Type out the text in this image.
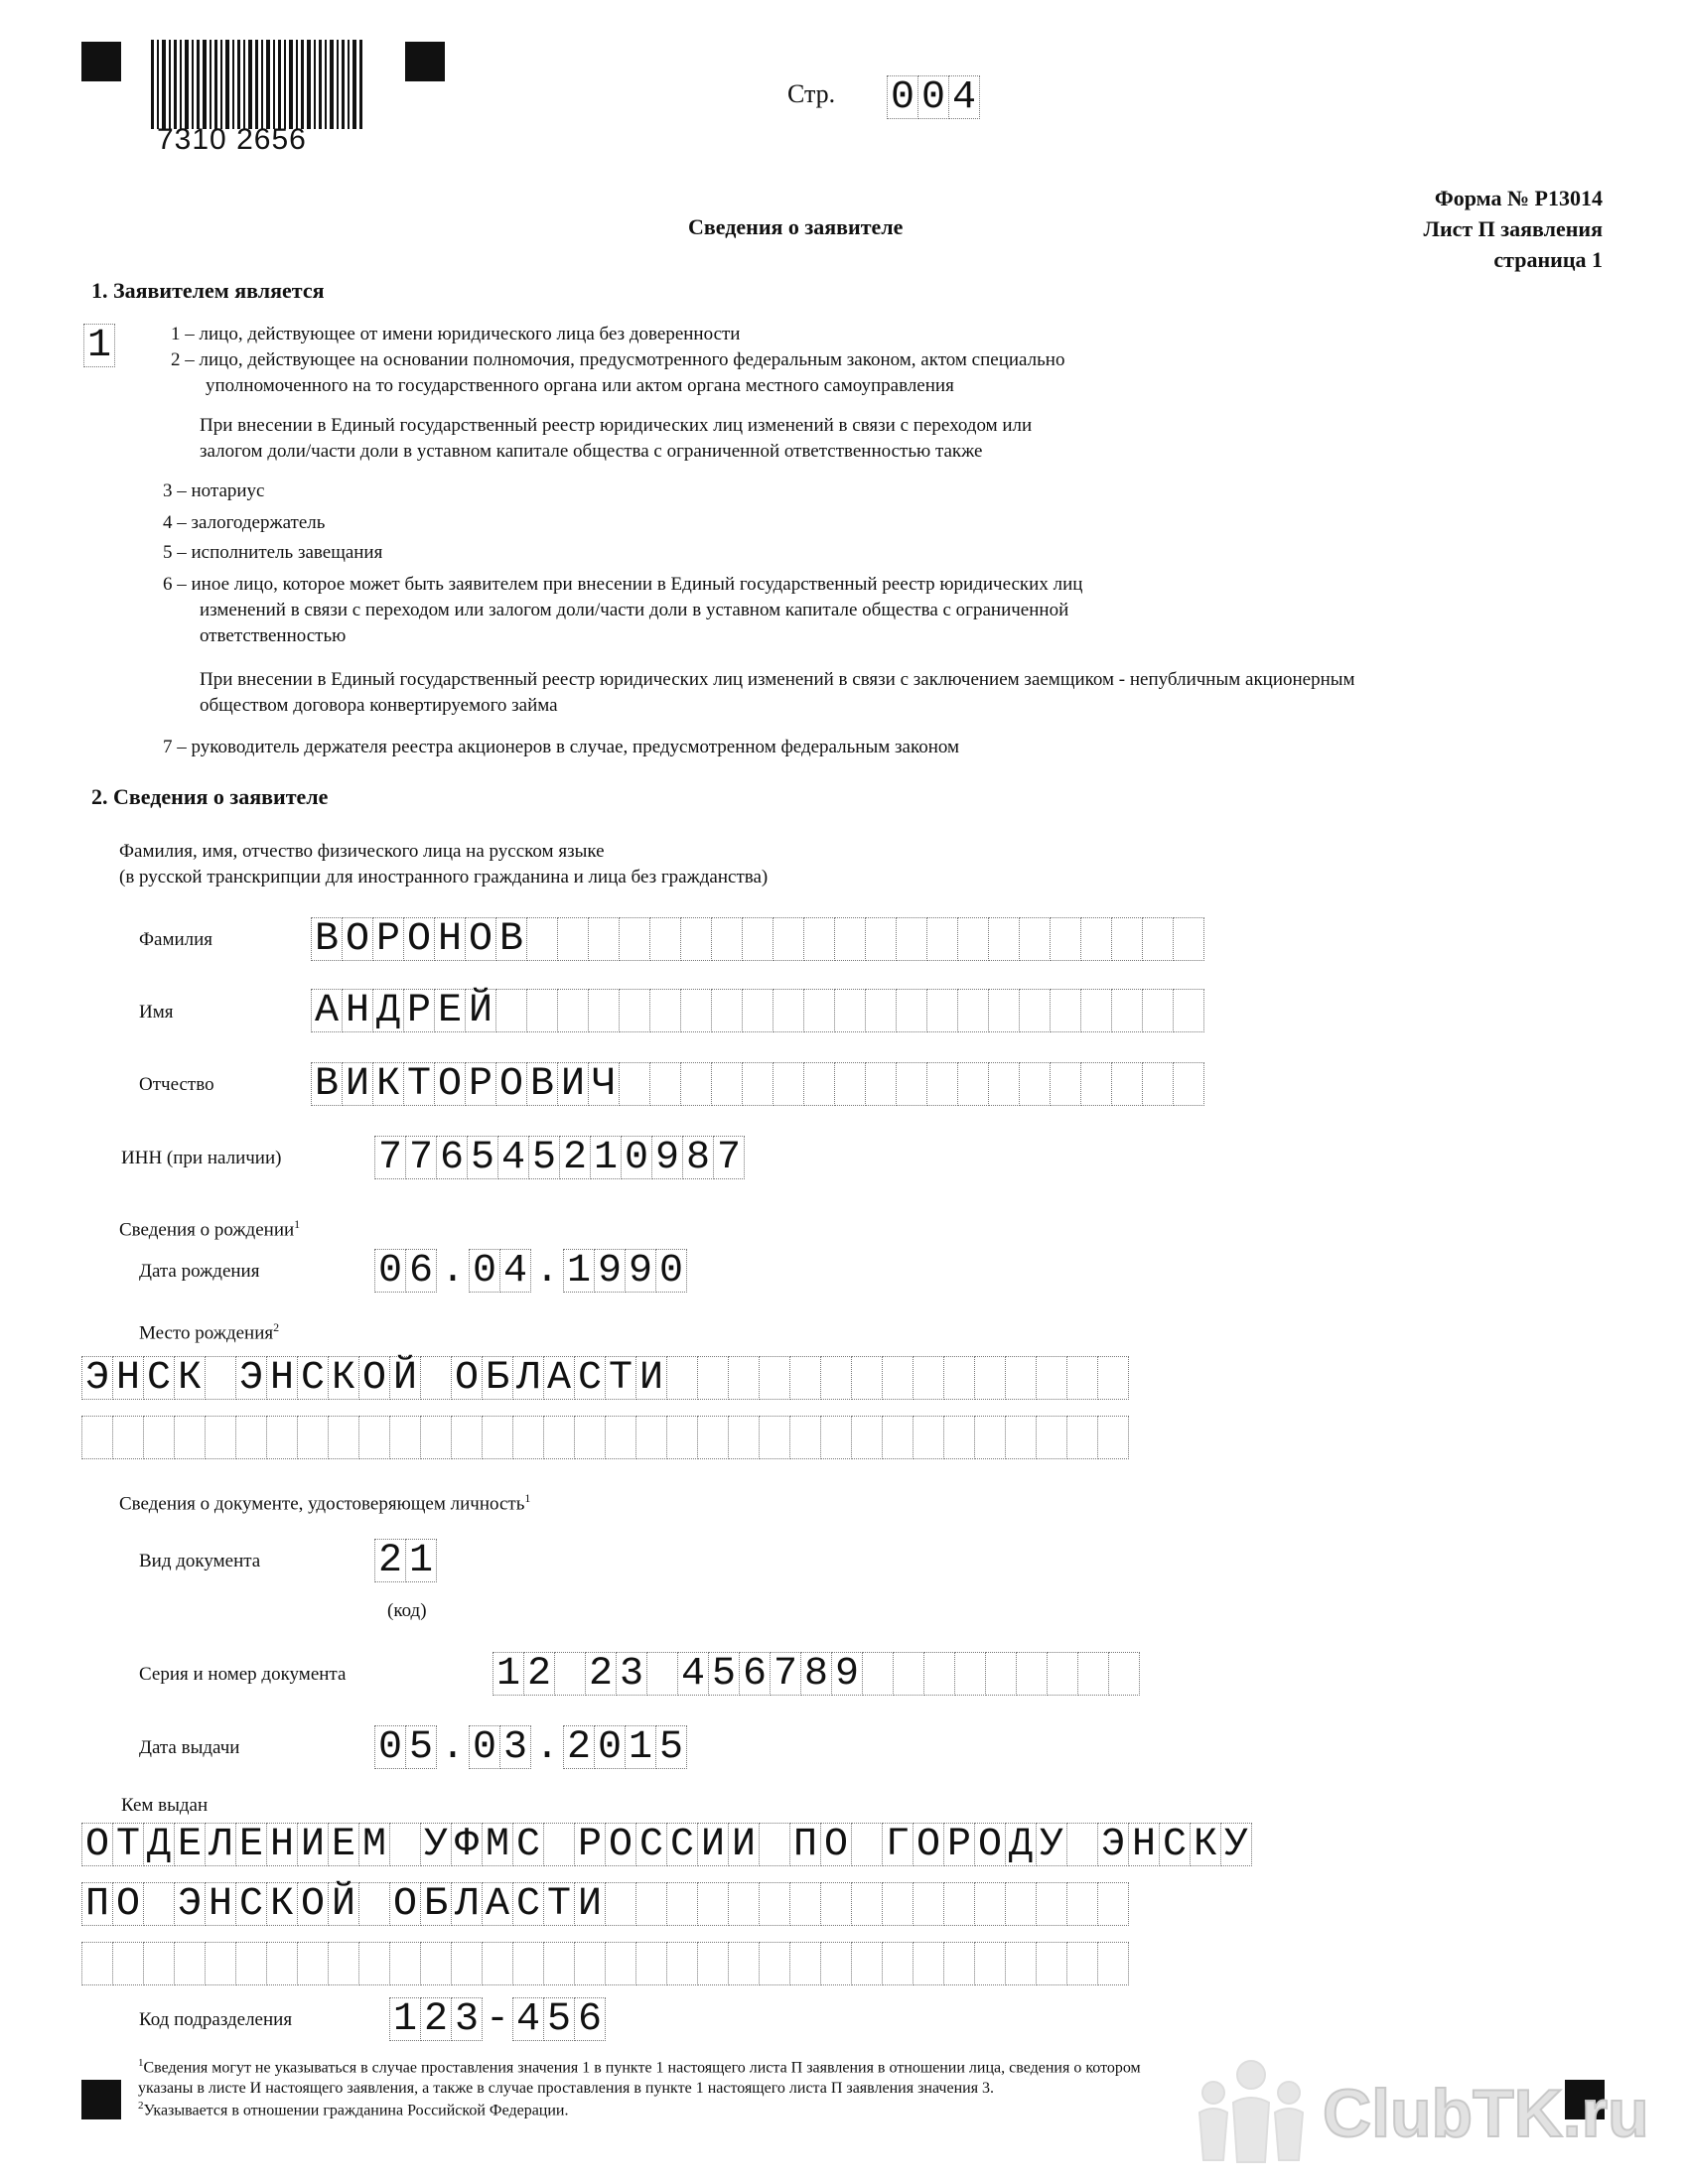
7310 2656
Стр. 0 0 4
Форма № Р13014
Лист П заявления
страница 1
Сведения о заявителе
1. Заявителем является
1	1 – лицо, действующее от имени юридического лица без доверенности
2 – лицо, действующее на основании полномочия, предусмотренного федеральным законом, актом специально
уполномоченного на то государственного органа или актом органа местного самоуправления
При внесении в Единый государственный реестр юридических лиц изменений в связи с переходом или
залогом доли/части доли в уставном капитале общества с ограниченной ответственностью также
3 – нотариус
4 – залогодержатель
5 – исполнитель завещания
6 – иное лицо, которое может быть заявителем при внесении в Единый государственный реестр юридических лиц
изменений в связи с переходом или залогом доли/части доли в уставном капитале общества с ограниченной
ответственностью
При внесении в Единый государственный реестр юридических лиц изменений в связи с заключением заемщиком - непубличным акционерным
обществом договора конвертируемого займа
7 – руководитель держателя реестра акционеров в случае, предусмотренном федеральным законом
2. Сведения о заявителе
Фамилия, имя, отчество физического лица на русском языке
(в русской транскрипции для иностранного гражданина и лица без гражданства)
Фамилия	В О Р О Н О В
Имя	А Н Д Р Е Й
Отчество	В И К Т О Р О В И Ч
ИНН (при наличии) 7 7 6 5 4 5 2 1 0 9 8 7
Сведения о рождении$^1$
Дата рождения	0 6 . 0 4 . 1 9 9 0
Место рождения$^2$
Э Н С К Э Н С К О Й О Б Л А С Т И
Сведения о документе, удостоверяющем личность$^1$
Вид документа	2 1
(код)
Серия и номер документа	1 2 2 3 4 5 6 7 8 9
Дата выдачи	0 5 . 0 3 . 2 0 1 5
Кем выдан
О Т Д Е Л Е Н И Е М У Ф М С Р О С С И И П О Г О Р О Д У Э Н С К У
П О Э Н С К О Й О Б Л А С Т И
Код подразделения	1 2 3 - 4 5 6
$^1$Сведения могут не указываться в случае проставления значения 1 в пункте 1 настоящего листа П заявления в отношении лица, сведения о котором
указаны в листе И настоящего заявления, а также в случае проставления в пункте 1 настоящего листа П заявления значения 3.
$^2$Указывается в отношении гражданина Российской Федерации.	ClubTK.ru
